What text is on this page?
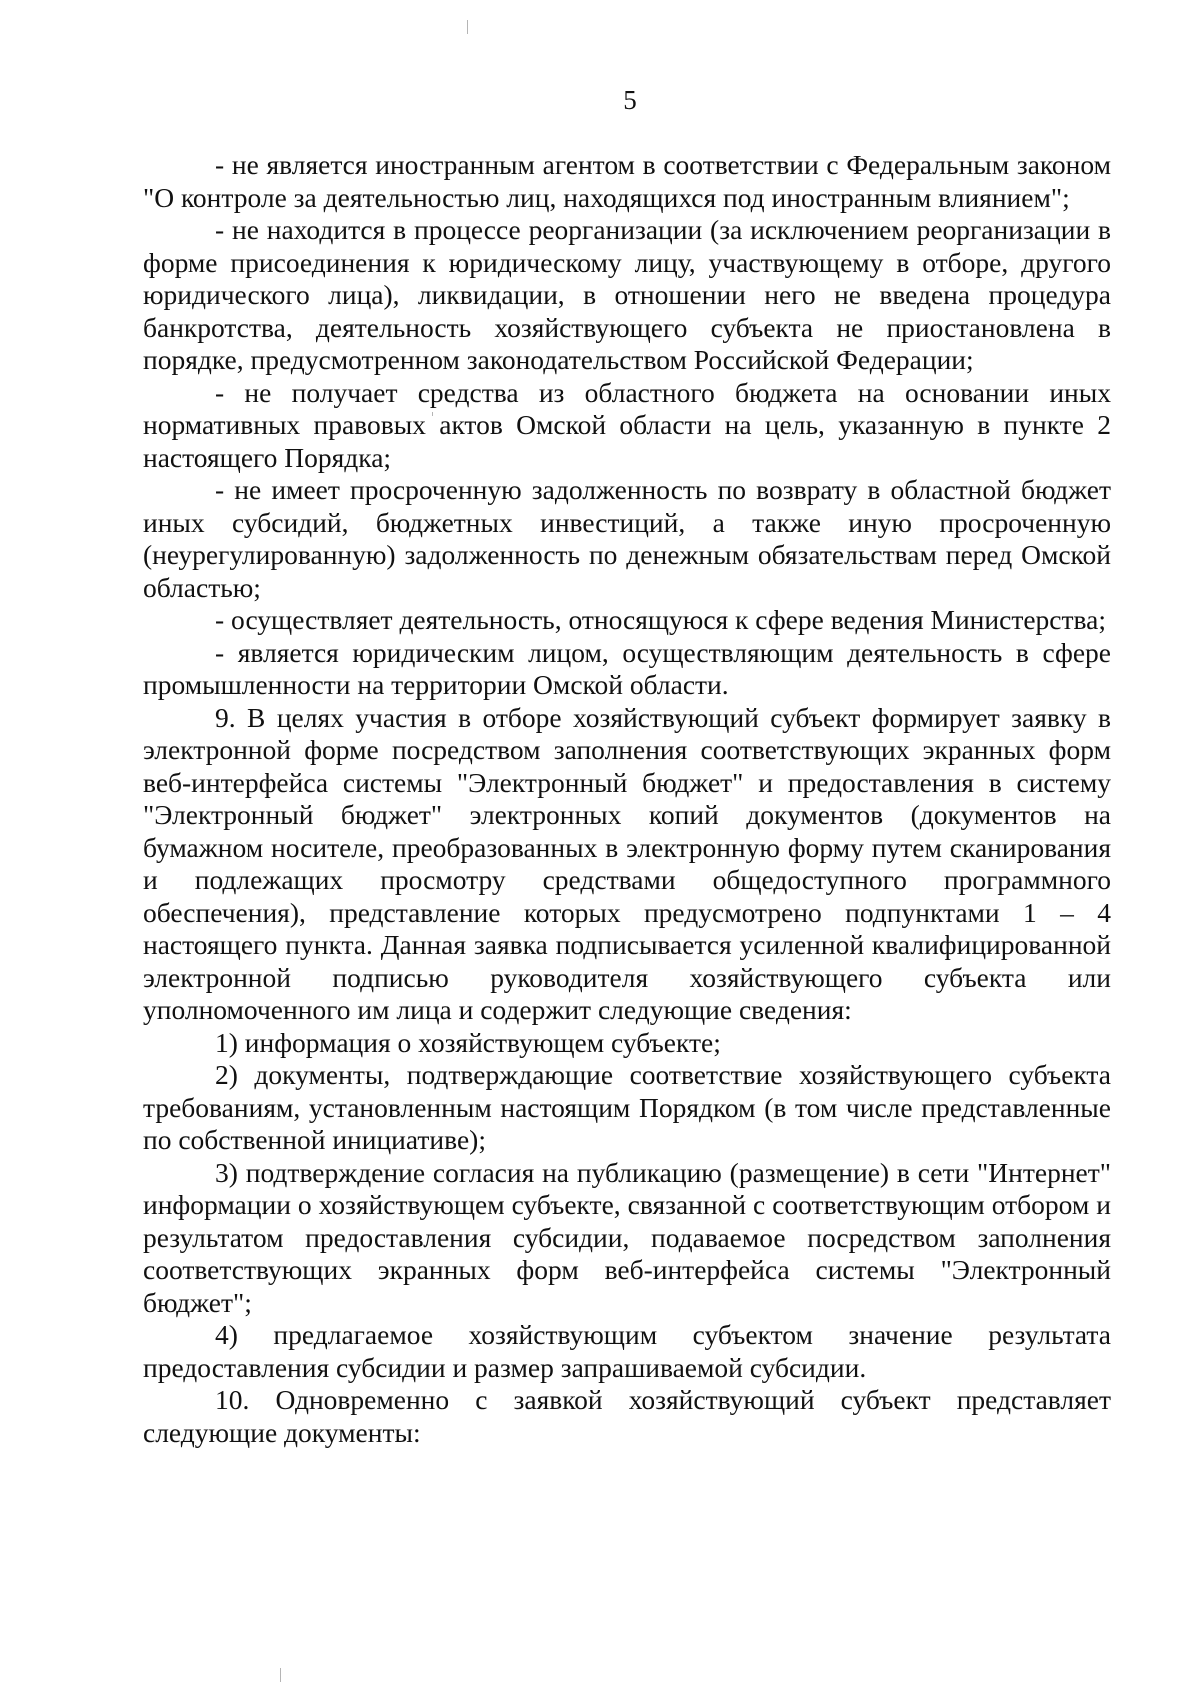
5

- не является иностранным агентом в соответствии с Федеральным законом "О контроле за деятельностью лиц, находящихся под иностранным влиянием";

- не находится в процессе реорганизации (за исключением реорганизации в форме присоединения к юридическому лицу, участвующему в отборе, другого юридического лица), ликвидации, в отношении него не введена процедура банкротства, деятельность хозяйствующего субъекта не приостановлена в порядке, предусмотренном законодательством Российской Федерации;

- не получает средства из областного бюджета на основании иных нормативных правовых актов Омской области на цель, указанную в пункте 2 настоящего Порядка;

- не имеет просроченную задолженность по возврату в областной бюджет иных субсидий, бюджетных инвестиций, а также иную просроченную (неурегулированную) задолженность по денежным обязательствам перед Омской областью;

- осуществляет деятельность, относящуюся к сфере ведения Министерства;

- является юридическим лицом, осуществляющим деятельность в сфере промышленности на территории Омской области.

9. В целях участия в отборе хозяйствующий субъект формирует заявку в электронной форме посредством заполнения соответствующих экранных форм веб-интерфейса системы "Электронный бюджет" и предоставления в систему "Электронный бюджет" электронных копий документов (документов на бумажном носителе, преобразованных в электронную форму путем сканирования и подлежащих просмотру средствами общедоступного программного обеспечения), представление которых предусмотрено подпунктами 1 – 4 настоящего пункта. Данная заявка подписывается усиленной квалифицированной электронной подписью руководителя хозяйствующего субъекта или уполномоченного им лица и содержит следующие сведения:

1) информация о хозяйствующем субъекте;

2) документы, подтверждающие соответствие хозяйствующего субъекта требованиям, установленным настоящим Порядком (в том числе представленные по собственной инициативе);

3) подтверждение согласия на публикацию (размещение) в сети "Интернет" информации о хозяйствующем субъекте, связанной с соответствующим отбором и результатом предоставления субсидии, подаваемое посредством заполнения соответствующих экранных форм веб-интерфейса системы "Электронный бюджет";

4) предлагаемое хозяйствующим субъектом значение результата предоставления субсидии и размер запрашиваемой субсидии.

10. Одновременно с заявкой хозяйствующий субъект представляет следующие документы:
